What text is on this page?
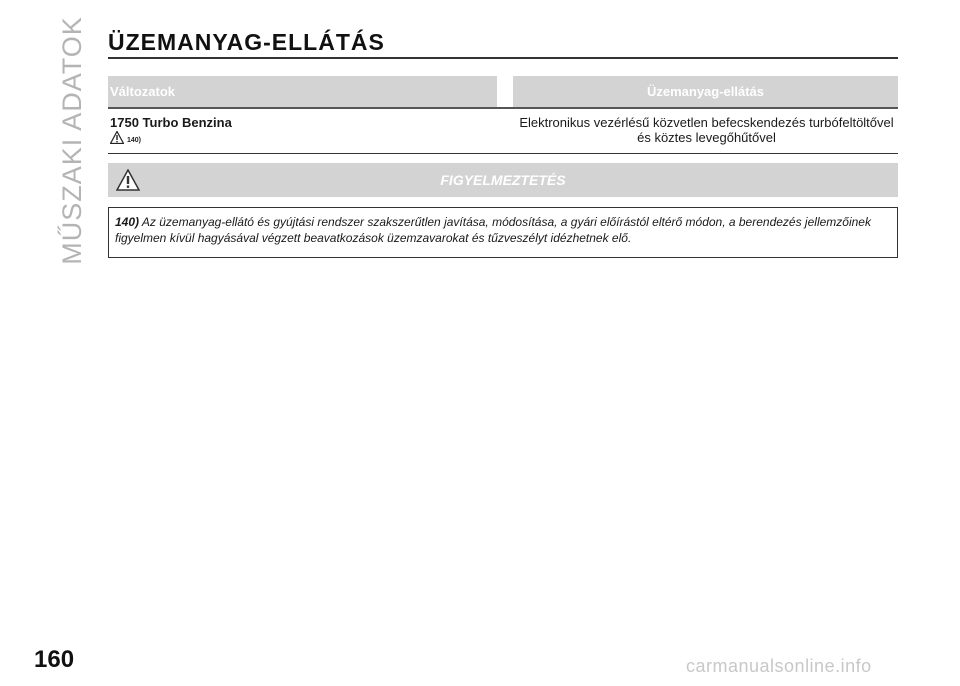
MŰSZAKI ADATOK ÜZEMANYAG-ELLÁTÁS
Változatok	Üzemanyag-ellátás
1750 Turbo Benzina
140)
Elektronikus vezérlésű közvetlen befecskendezés turbófeltöltővel és köztes levegőhűtővel
FIGYELMEZTETÉS
140) Az üzemanyag-ellátó és gyújtási rendszer szakszerűtlen javítása, módosítása, a gyári előírástól eltérő módon, a berendezés jellemzőinek figyelmen kívül hagyásával végzett beavatkozások üzemzavarokat és tűzveszélyt idézhetnek elő.
160	carmanualsonline.info
